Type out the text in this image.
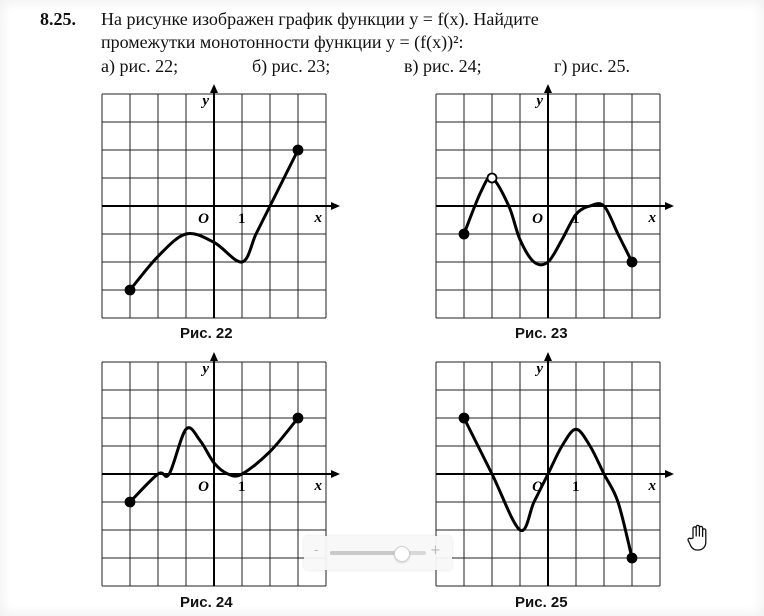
8.25. На рисунке изображен график функции y = f(x). Найдите
промежутки монотонности функции y = (f(x))²:
а) рис. 22;	б) рис. 23;	в) рис. 24;	г) рис. 25.
y
x
O 1
Рис. 22
y
x
O 1
Рис. 23
y
x
O 1
Рис. 24
y
x
O 1
Рис. 25
-	+
